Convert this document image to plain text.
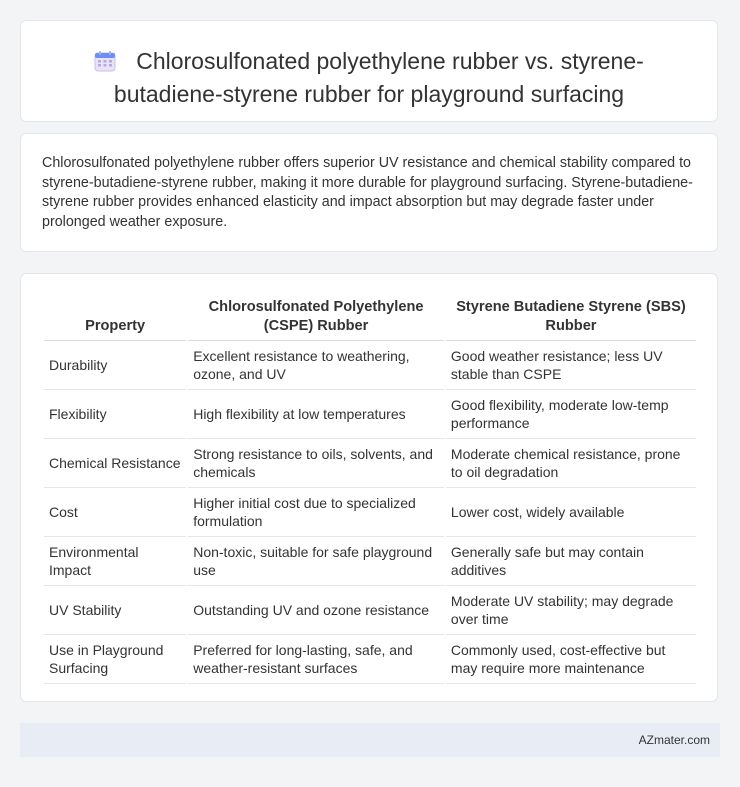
Chlorosulfonated polyethylene rubber vs. styrene-
butadiene-styrene rubber for playground surfacing

Chlorosulfonated polyethylene rubber offers superior UV resistance and chemical stability compared to styrene-butadiene-styrene rubber, making it more durable for playground surfacing. Styrene-butadiene-styrene rubber provides enhanced elasticity and impact absorption but may degrade faster under prolonged weather exposure.

Property	Chlorosulfonated Polyethylene (CSPE) Rubber	Styrene Butadiene Styrene (SBS) Rubber
Durability	Excellent resistance to weathering, ozone, and UV	Good weather resistance; less UV stable than CSPE
Flexibility	High flexibility at low temperatures	Good flexibility, moderate low-temp performance
Chemical Resistance	Strong resistance to oils, solvents, and chemicals	Moderate chemical resistance, prone to oil degradation
Cost	Higher initial cost due to specialized formulation	Lower cost, widely available
Environmental Impact	Non-toxic, suitable for safe playground use	Generally safe but may contain additives
UV Stability	Outstanding UV and ozone resistance	Moderate UV stability; may degrade over time
Use in Playground Surfacing	Preferred for long-lasting, safe, and weather-resistant surfaces	Commonly used, cost-effective but may require more maintenance
AZmater.com
